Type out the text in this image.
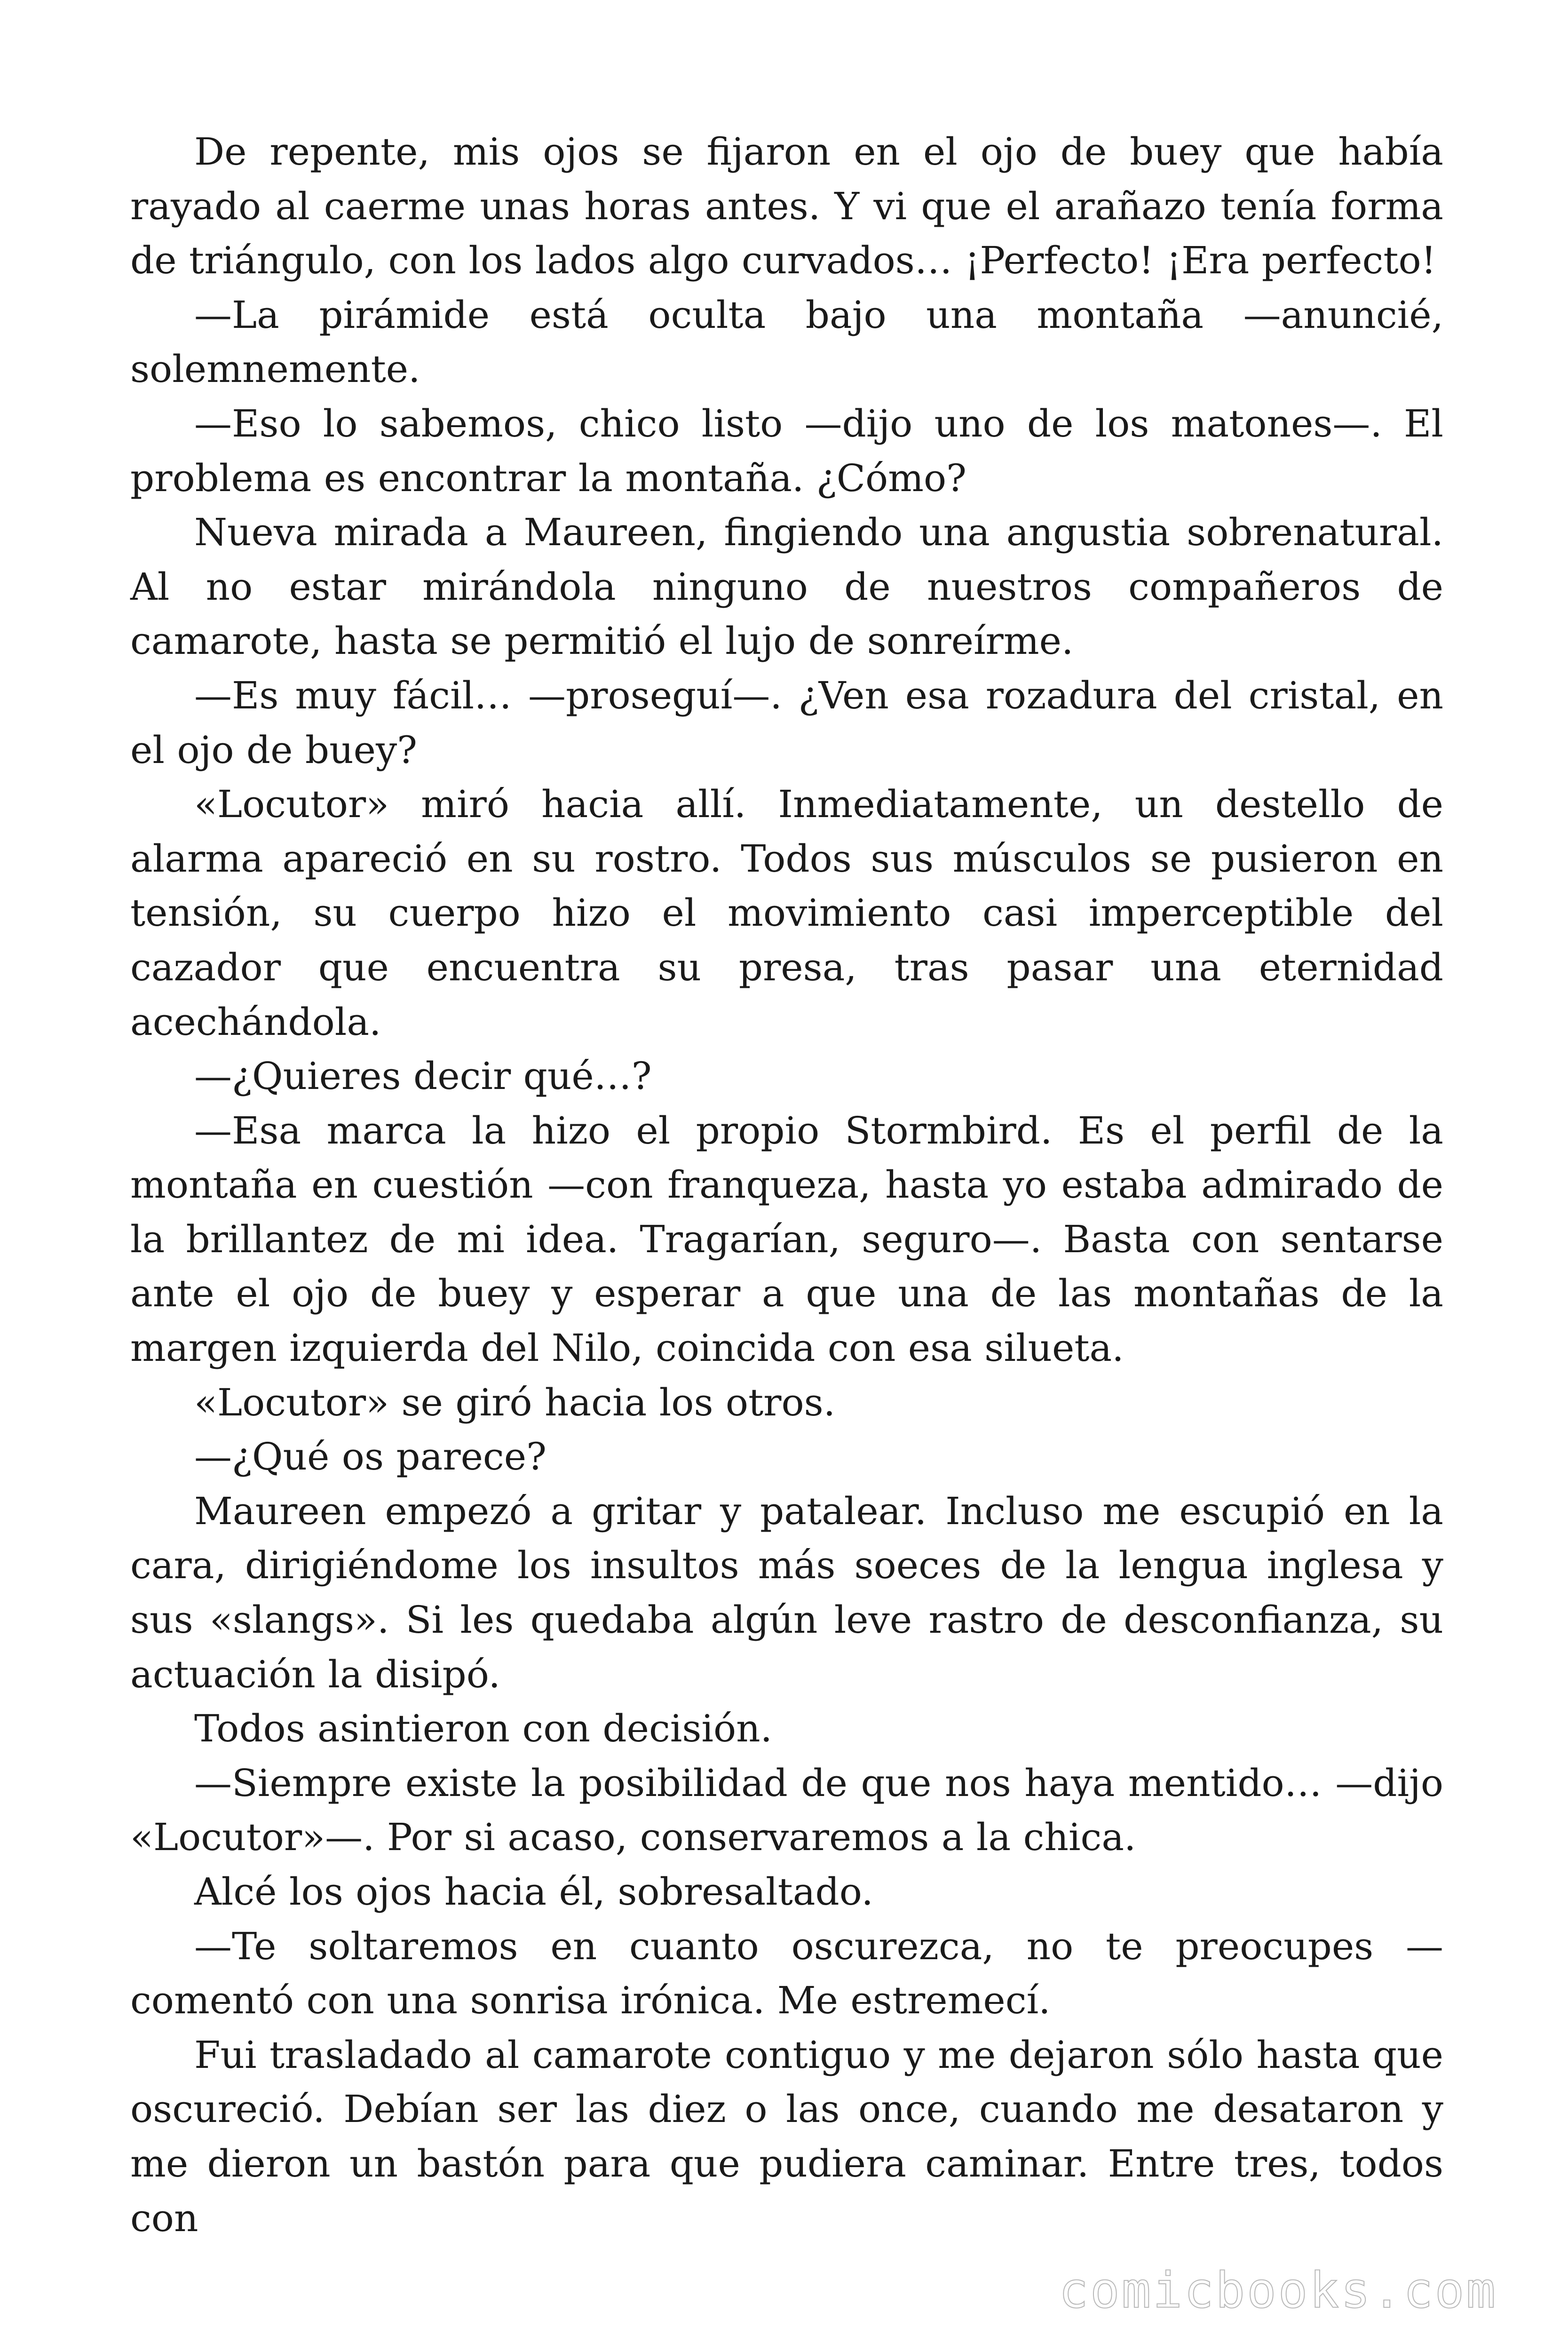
De repente, mis ojos se fijaron en el ojo de buey que había rayado al caerme unas horas antes. Y vi que el arañazo tenía forma de triángulo, con los lados algo curvados… ¡Perfecto! ¡Era perfecto!

—La pirámide está oculta bajo una montaña —anuncié, solemnemente.

—Eso lo sabemos, chico listo —dijo uno de los matones—. El problema es encontrar la montaña. ¿Cómo?

Nueva mirada a Maureen, fingiendo una angustia sobrenatural. Al no estar mirándola ninguno de nuestros compañeros de camarote, hasta se permitió el lujo de sonreírme.

—Es muy fácil… —proseguí—. ¿Ven esa rozadura del cristal, en el ojo de buey?

«Locutor» miró hacia allí. Inmediatamente, un destello de alarma apareció en su rostro. Todos sus músculos se pusieron en tensión, su cuerpo hizo el movimiento casi imperceptible del cazador que encuentra su presa, tras pasar una eternidad acechándola.

—¿Quieres decir qué…?

—Esa marca la hizo el propio Stormbird. Es el perfil de la montaña en cuestión —con franqueza, hasta yo estaba admirado de la brillantez de mi idea. Tragarían, seguro—. Basta con sentarse ante el ojo de buey y esperar a que una de las montañas de la margen izquierda del Nilo, coincida con esa silueta.

«Locutor» se giró hacia los otros.

—¿Qué os parece?

Maureen empezó a gritar y patalear. Incluso me escupió en la cara, dirigiéndome los insultos más soeces de la lengua inglesa y sus «slangs». Si les quedaba algún leve rastro de desconfianza, su actuación la disipó.

Todos asintieron con decisión.

—Siempre existe la posibilidad de que nos haya mentido… —dijo «Locutor»—. Por si acaso, conservaremos a la chica.

Alcé los ojos hacia él, sobresaltado.

—Te soltaremos en cuanto oscurezca, no te preocupes —comentó con una sonrisa irónica. Me estremecí.

Fui trasladado al camarote contiguo y me dejaron sólo hasta que oscureció. Debían ser las diez o las once, cuando me desataron y me dieron un bastón para que pudiera caminar. Entre tres, todos con

comicbooks.com
